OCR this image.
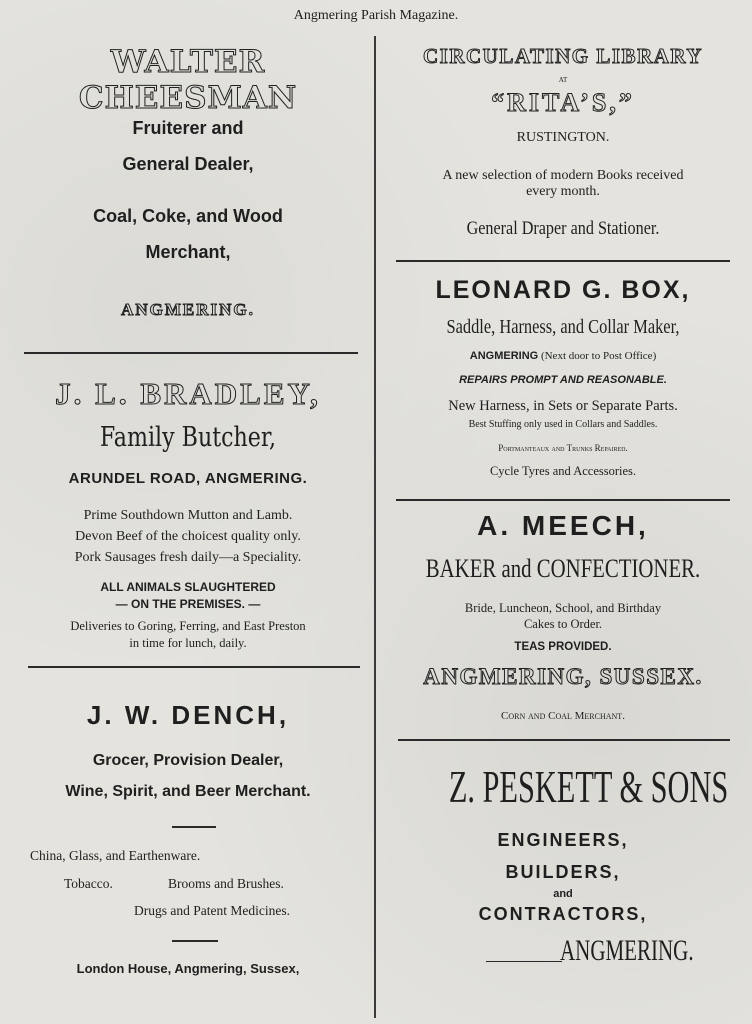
Angmering Parish Magazine.
WALTER CHEESMAN
Fruiterer and
General Dealer,
Coal, Coke, and Wood
Merchant,
ANGMERING.
J. L. BRADLEY,
Family Butcher,
ARUNDEL ROAD, ANGMERING.
Prime Southdown Mutton and Lamb.
Devon Beef of the choicest quality only.
Pork Sausages fresh daily—a Speciality.
ALL ANIMALS SLAUGHTERED
— ON THE PREMISES. —
Deliveries to Goring, Ferring, and East Preston
in time for lunch, daily.
J. W. DENCH,
Grocer, Provision Dealer,
Wine, Spirit, and Beer Merchant.
China, Glass, and Earthenware.
Tobacco.	Brooms and Brushes.
Drugs and Patent Medicines.
London House, Angmering, Sussex,
CIRCULATING LIBRARY
AT
“RITA’S,”
RUSTINGTON.
A new selection of modern Books received
every month.
General Draper and Stationer.
LEONARD G. BOX,
Saddle, Harness, and Collar Maker,
ANGMERING (Next door to Post Office)
REPAIRS PROMPT AND REASONABLE.
New Harness, in Sets or Separate Parts.
Best Stuffing only used in Collars and Saddles.
Portmanteaux and Trunks Repaired.
Cycle Tyres and Accessories.
A. MEECH,
BAKER and CONFECTIONER.
Bride, Luncheon, School, and Birthday
Cakes to Order.
TEAS PROVIDED.
ANGMERING, SUSSEX.
Corn and Coal Merchant.
Z. PESKETT & SONS
ENGINEERS,
BUILDERS,
and
CONTRACTORS,
ANGMERING.
